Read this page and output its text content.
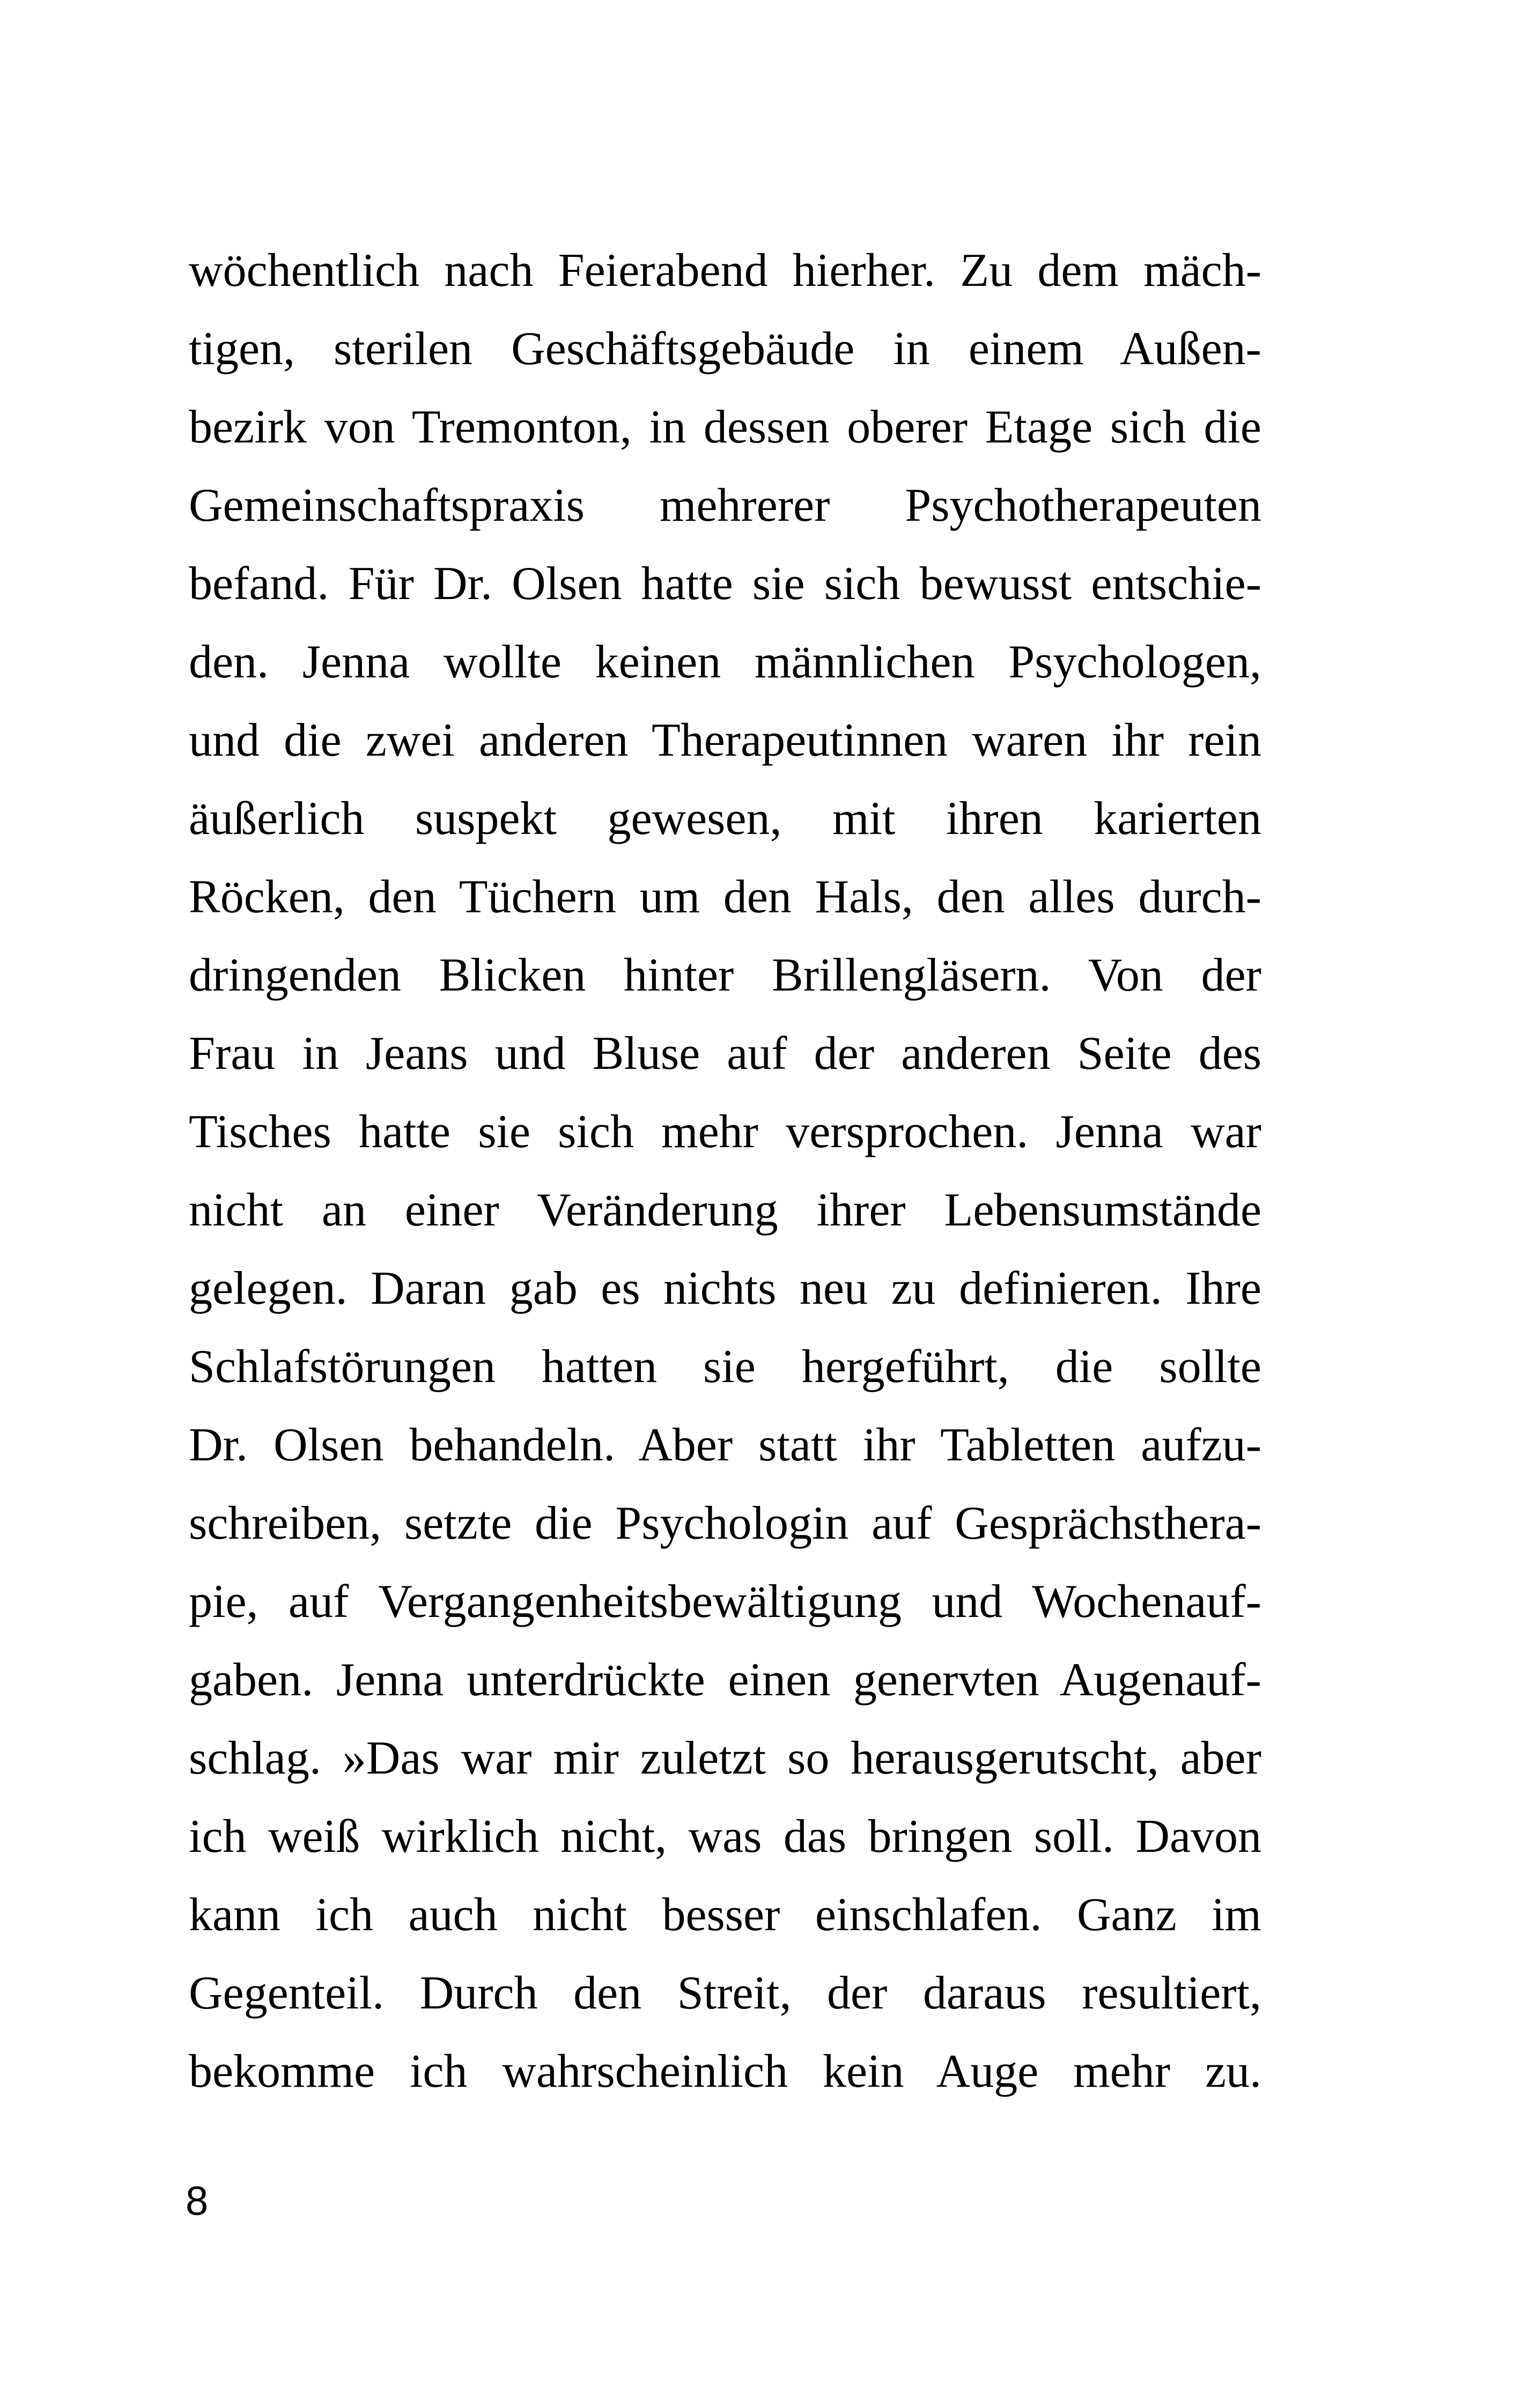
wöchentlich nach Feierabend hierher. Zu dem mäch-
tigen, sterilen Geschäftsgebäude in einem Außen-
bezirk von Tremonton, in dessen oberer Etage sich die
Gemeinschaftspraxis mehrerer Psychotherapeuten
befand. Für Dr. Olsen hatte sie sich bewusst entschie-
den. Jenna wollte keinen männlichen Psychologen,
und die zwei anderen Therapeutinnen waren ihr rein
äußerlich suspekt gewesen, mit ihren karierten
Röcken, den Tüchern um den Hals, den alles durch-
dringenden Blicken hinter Brillengläsern. Von der
Frau in Jeans und Bluse auf der anderen Seite des
Tisches hatte sie sich mehr versprochen. Jenna war
nicht an einer Veränderung ihrer Lebensumstände
gelegen. Daran gab es nichts neu zu definieren. Ihre
Schlafstörungen hatten sie hergeführt, die sollte
Dr. Olsen behandeln. Aber statt ihr Tabletten aufzu-
schreiben, setzte die Psychologin auf Gesprächsthera-
pie, auf Vergangenheitsbewältigung und Wochenauf-
gaben. Jenna unterdrückte einen genervten Augenauf-
schlag. »Das war mir zuletzt so herausgerutscht, aber
ich weiß wirklich nicht, was das bringen soll. Davon
kann ich auch nicht besser einschlafen. Ganz im
Gegenteil. Durch den Streit, der daraus resultiert,
bekomme ich wahrscheinlich kein Auge mehr zu.
8
